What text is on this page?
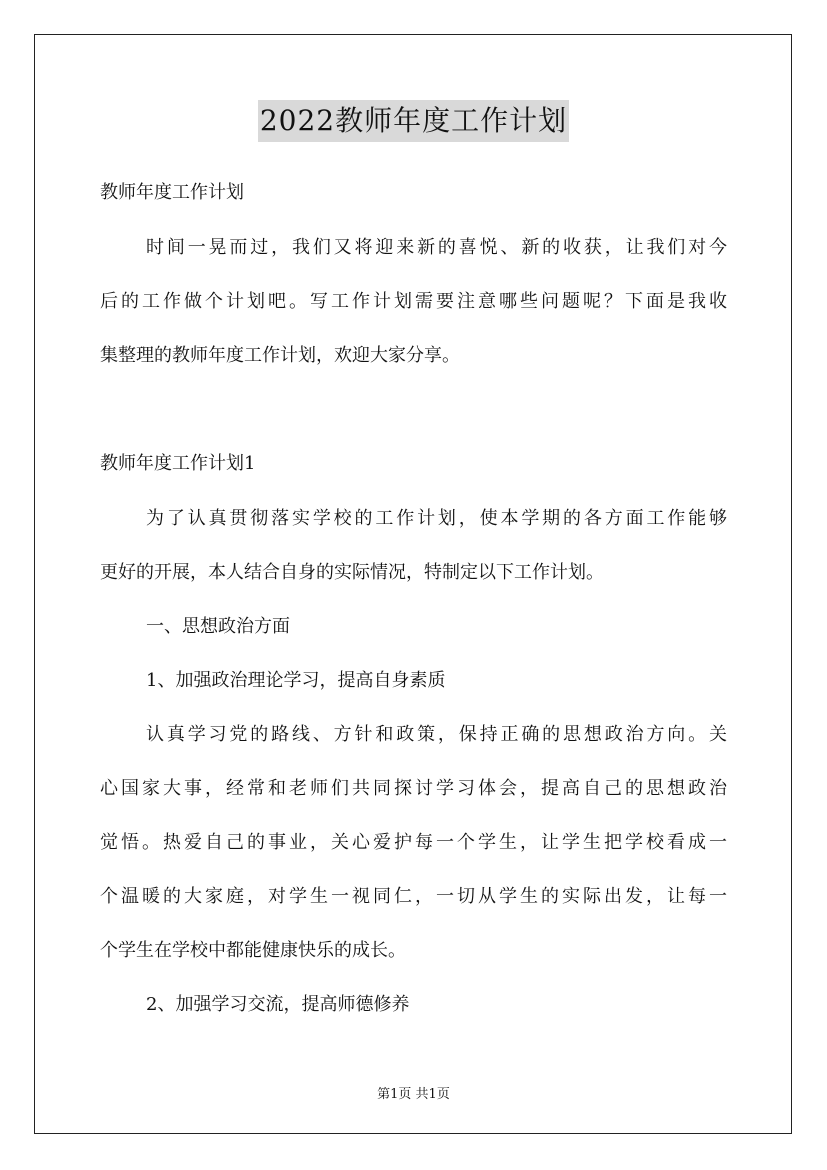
2022教师年度工作计划
教师年度工作计划
时间一晃而过，我们又将迎来新的喜悦、新的收获，让我们对今
后的工作做个计划吧。写工作计划需要注意哪些问题呢？下面是我收
集整理的教师年度工作计划，欢迎大家分享。
教师年度工作计划1
为了认真贯彻落实学校的工作计划，使本学期的各方面工作能够
更好的开展，本人结合自身的实际情况，特制定以下工作计划。
一、思想政治方面
1、加强政治理论学习，提高自身素质
认真学习党的路线、方针和政策，保持正确的思想政治方向。关
心国家大事，经常和老师们共同探讨学习体会，提高自己的思想政治
觉悟。热爱自己的事业，关心爱护每一个学生，让学生把学校看成一
个温暖的大家庭，对学生一视同仁，一切从学生的实际出发，让每一
个学生在学校中都能健康快乐的成长。
2、加强学习交流，提高师德修养
第1页 共1页
